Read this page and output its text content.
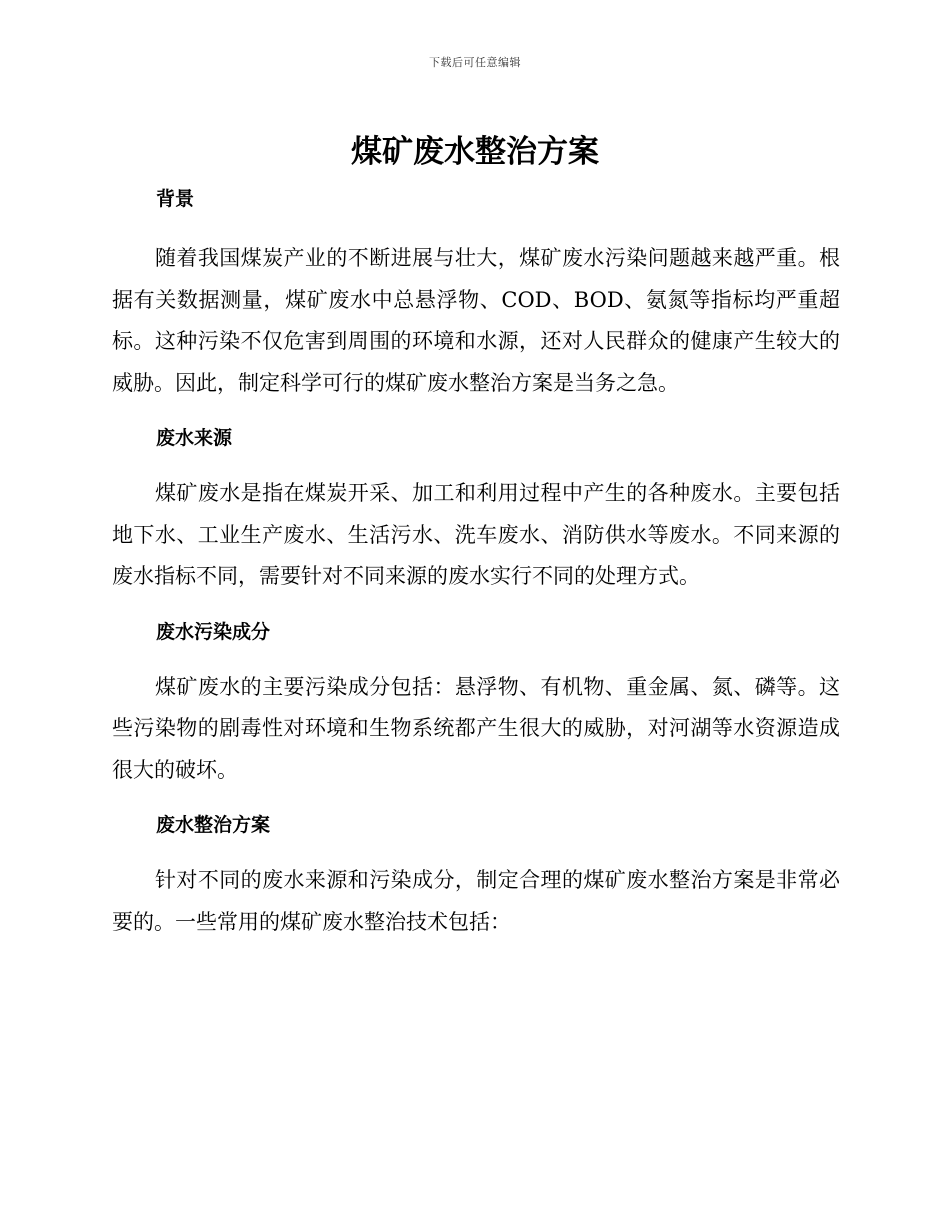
下载后可任意编辑
煤矿废水整治方案
背景

随着我国煤炭产业的不断进展与壮大，煤矿废水污染问题越来越严重。根据有关数据测量，煤矿废水中总悬浮物、COD、BOD、氨氮等指标均严重超标。这种污染不仅危害到周围的环境和水源，还对人民群众的健康产生较大的威胁。因此，制定科学可行的煤矿废水整治方案是当务之急。

废水来源

煤矿废水是指在煤炭开采、加工和利用过程中产生的各种废水。主要包括地下水、工业生产废水、生活污水、洗车废水、消防供水等废水。不同来源的废水指标不同，需要针对不同来源的废水实行不同的处理方式。

废水污染成分

煤矿废水的主要污染成分包括：悬浮物、有机物、重金属、氮、磷等。这些污染物的剧毒性对环境和生物系统都产生很大的威胁，对河湖等水资源造成很大的破坏。

废水整治方案

针对不同的废水来源和污染成分，制定合理的煤矿废水整治方案是非常必要的。一些常用的煤矿废水整治技术包括：
